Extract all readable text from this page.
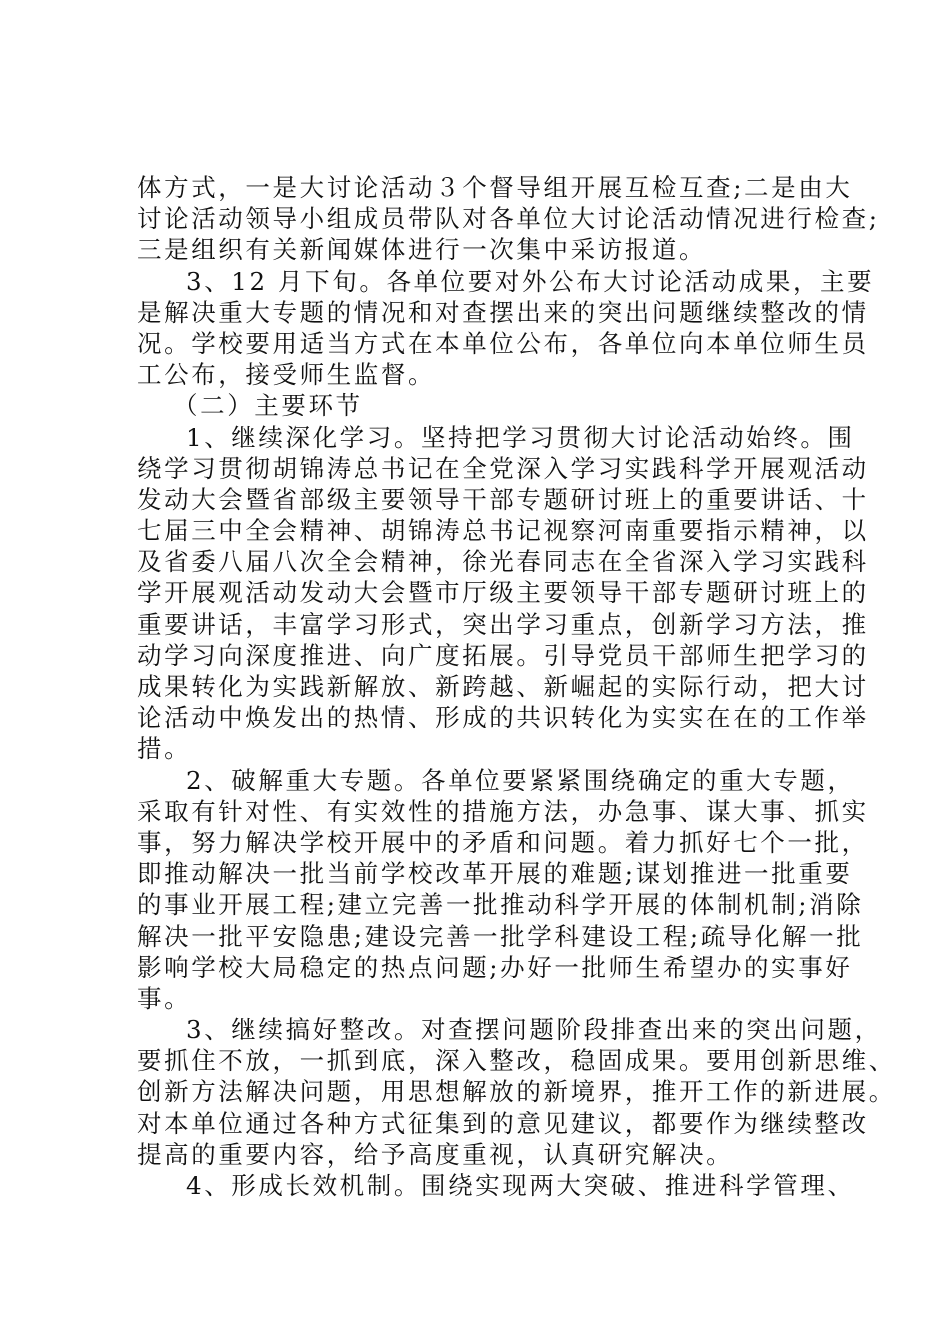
体方式，一是大讨论活动３个督导组开展互检互查;二是由大
讨论活动领导小组成员带队对各单位大讨论活动情况进行检查;
三是组织有关新闻媒体进行一次集中采访报道。
3、12 月下旬。各单位要对外公布大讨论活动成果，主要
是解决重大专题的情况和对查摆出来的突出问题继续整改的情
况。学校要用适当方式在本单位公布，各单位向本单位师生员
工公布，接受师生监督。
（二）主要环节
1、继续深化学习。坚持把学习贯彻大讨论活动始终。围
绕学习贯彻胡锦涛总书记在全党深入学习实践科学开展观活动
发动大会暨省部级主要领导干部专题研讨班上的重要讲话、十
七届三中全会精神、胡锦涛总书记视察河南重要指示精神，以
及省委八届八次全会精神，徐光春同志在全省深入学习实践科
学开展观活动发动大会暨市厅级主要领导干部专题研讨班上的
重要讲话，丰富学习形式，突出学习重点，创新学习方法，推
动学习向深度推进、向广度拓展。引导党员干部师生把学习的
成果转化为实践新解放、新跨越、新崛起的实际行动，把大讨
论活动中焕发出的热情、形成的共识转化为实实在在的工作举
措。
2、破解重大专题。各单位要紧紧围绕确定的重大专题，
采取有针对性、有实效性的措施方法，办急事、谋大事、抓实
事，努力解决学校开展中的矛盾和问题。着力抓好七个一批，
即推动解决一批当前学校改革开展的难题;谋划推进一批重要
的事业开展工程;建立完善一批推动科学开展的体制机制;消除
解决一批平安隐患;建设完善一批学科建设工程;疏导化解一批
影响学校大局稳定的热点问题;办好一批师生希望办的实事好
事。
3、继续搞好整改。对查摆问题阶段排查出来的突出问题，
要抓住不放，一抓到底，深入整改，稳固成果。要用创新思维、
创新方法解决问题，用思想解放的新境界，推开工作的新进展。
对本单位通过各种方式征集到的意见建议，都要作为继续整改
提高的重要内容，给予高度重视，认真研究解决。
4、形成长效机制。围绕实现两大突破、推进科学管理、
